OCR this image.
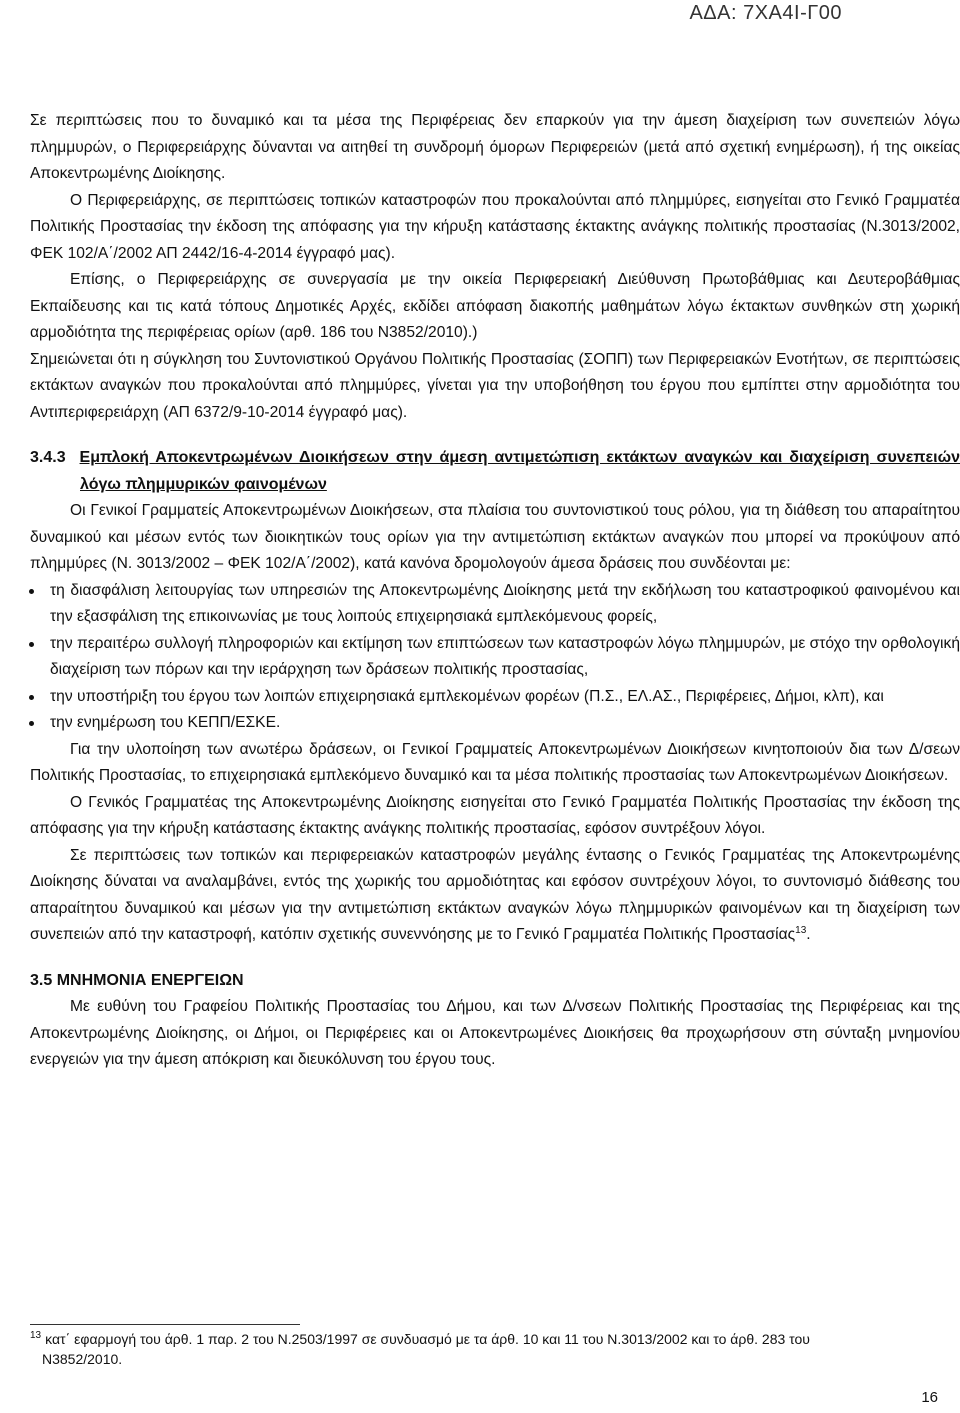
ΑΔΑ: 7ΧΑ4Ι-Γ00

Σε περιπτώσεις που το δυναμικό και τα μέσα της Περιφέρειας δεν επαρκούν για την άμεση διαχείριση των συνεπειών λόγω πλημμυρών, ο Περιφερειάρχης δύνανται να αιτηθεί τη συνδρομή όμορων Περιφερειών (μετά από σχετική ενημέρωση), ή της οικείας Αποκεντρωμένης Διοίκησης.

Ο Περιφερειάρχης, σε περιπτώσεις τοπικών καταστροφών που προκαλούνται από πλημμύρες, εισηγείται στο Γενικό Γραμματέα Πολιτικής Προστασίας την έκδοση της απόφασης για την κήρυξη κατάστασης έκτακτης ανάγκης πολιτικής προστασίας (Ν.3013/2002, ΦΕΚ 102/Α΄/2002 ΑΠ 2442/16-4-2014 έγγραφό μας).

Επίσης, ο Περιφερειάρχης σε συνεργασία με την οικεία Περιφερειακή Διεύθυνση Πρωτοβάθμιας και Δευτεροβάθμιας Εκπαίδευσης και τις κατά τόπους Δημοτικές Αρχές, εκδίδει απόφαση διακοπής μαθημάτων λόγω έκτακτων συνθηκών στη χωρική αρμοδιότητα της περιφέρειας ορίων (αρθ. 186 του Ν3852/2010).)

Σημειώνεται ότι η σύγκληση του Συντονιστικού Οργάνου Πολιτικής Προστασίας (ΣΟΠΠ) των Περιφερειακών Ενοτήτων, σε περιπτώσεις εκτάκτων αναγκών που προκαλούνται από πλημμύρες, γίνεται για την υποβοήθηση του έργου που εμπίπτει στην αρμοδιότητα του Αντιπεριφερειάρχη (ΑΠ 6372/9-10-2014 έγγραφό μας).

3.4.3 Εμπλοκή Αποκεντρωμένων Διοικήσεων στην άμεση αντιμετώπιση εκτάκτων αναγκών και διαχείριση συνεπειών λόγω πλημμυρικών φαινομένων

Οι Γενικοί Γραμματείς Αποκεντρωμένων Διοικήσεων, στα πλαίσια του συντονιστικού τους ρόλου, για τη διάθεση του απαραίτητου δυναμικού και μέσων εντός των διοικητικών τους ορίων για την αντιμετώπιση εκτάκτων αναγκών που μπορεί να προκύψουν από πλημμύρες (Ν. 3013/2002 – ΦΕΚ 102/Α΄/2002), κατά κανόνα δρομολογούν άμεσα δράσεις που συνδέονται με:

τη διασφάλιση λειτουργίας των υπηρεσιών της Αποκεντρωμένης Διοίκησης μετά την εκδήλωση του καταστροφικού φαινομένου και την εξασφάλιση της επικοινωνίας με τους λοιπούς επιχειρησιακά εμπλεκόμενους φορείς,
την περαιτέρω συλλογή πληροφοριών και εκτίμηση των επιπτώσεων των καταστροφών λόγω πλημμυρών, με στόχο την ορθολογική διαχείριση των πόρων και την ιεράρχηση των δράσεων πολιτικής προστασίας,
την υποστήριξη του έργου των λοιπών επιχειρησιακά εμπλεκομένων φορέων (Π.Σ., ΕΛ.ΑΣ., Περιφέρειες, Δήμοι, κλπ), και
την ενημέρωση του ΚΕΠΠ/ΕΣΚΕ.

Για την υλοποίηση των ανωτέρω δράσεων, οι Γενικοί Γραμματείς Αποκεντρωμένων Διοικήσεων κινητοποιούν δια των Δ/σεων Πολιτικής Προστασίας, το επιχειρησιακά εμπλεκόμενο δυναμικό και τα μέσα πολιτικής προστασίας των Αποκεντρωμένων Διοικήσεων.

Ο Γενικός Γραμματέας της Αποκεντρωμένης Διοίκησης εισηγείται στο Γενικό Γραμματέα Πολιτικής Προστασίας την έκδοση της απόφασης για την κήρυξη κατάστασης έκτακτης ανάγκης πολιτικής προστασίας, εφόσον συντρέξουν λόγοι.

Σε περιπτώσεις των τοπικών και περιφερειακών καταστροφών μεγάλης έντασης ο Γενικός Γραμματέας της Αποκεντρωμένης Διοίκησης δύναται να αναλαμβάνει, εντός της χωρικής του αρμοδιότητας και εφόσον συντρέχουν λόγοι, το συντονισμό διάθεσης του απαραίτητου δυναμικού και μέσων για την αντιμετώπιση εκτάκτων αναγκών λόγω πλημμυρικών φαινομένων και τη διαχείριση των συνεπειών από την καταστροφή, κατόπιν σχετικής συνεννόησης με το Γενικό Γραμματέα Πολιτικής Προστασίας$^{13}$.

3.5 ΜΝΗΜΟΝΙΑ ΕΝΕΡΓΕΙΩΝ

Με ευθύνη του Γραφείου Πολιτικής Προστασίας του Δήμου, και των Δ/νσεων Πολιτικής Προστασίας της Περιφέρειας και της Αποκεντρωμένης Διοίκησης, οι Δήμοι, οι Περιφέρειες και οι Αποκεντρωμένες Διοικήσεις θα προχωρήσουν στη σύνταξη μνημονίου ενεργειών για την άμεση απόκριση και διευκόλυνση του έργου τους.

$^{13}$ κατ΄ εφαρμογή του άρθ. 1 παρ. 2 του Ν.2503/1997 σε συνδυασμό με τα άρθ. 10 και 11 του Ν.3013/2002 και το άρθ. 283 του
Ν3852/2010.
16
